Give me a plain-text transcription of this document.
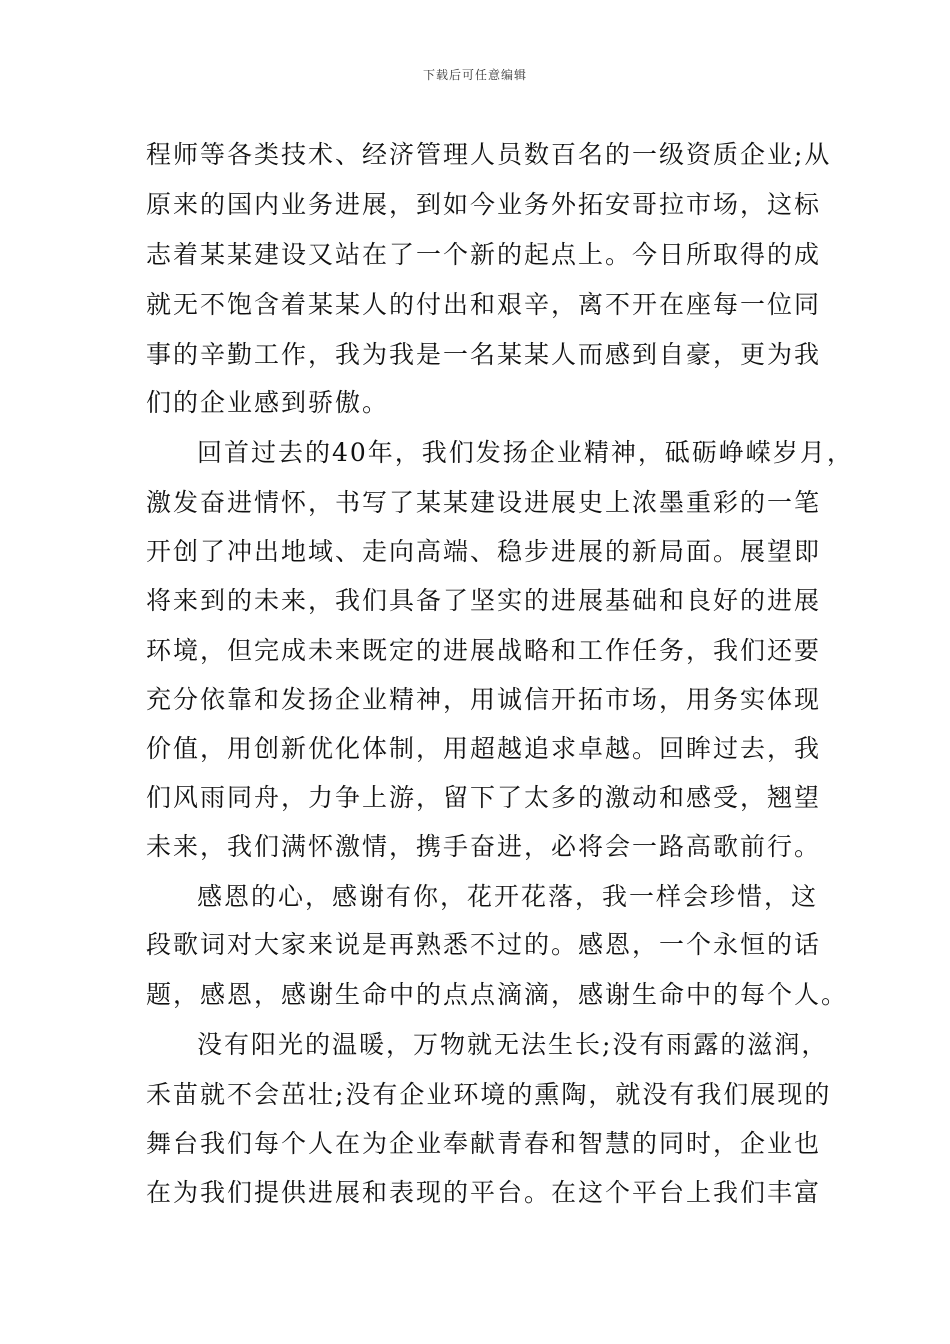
下载后可任意编辑
程师等各类技术、经济管理人员数百名的一级资质企业;从
原来的国内业务进展，到如今业务外拓安哥拉市场，这标
志着某某建设又站在了一个新的起点上。今日所取得的成
就无不饱含着某某人的付出和艰辛，离不开在座每一位同
事的辛勤工作，我为我是一名某某人而感到自豪，更为我
们的企业感到骄傲。
回首过去的40年，我们发扬企业精神，砥砺峥嵘岁月，
激发奋进情怀，书写了某某建设进展史上浓墨重彩的一笔
开创了冲出地域、走向高端、稳步进展的新局面。展望即
将来到的未来，我们具备了坚实的进展基础和良好的进展
环境，但完成未来既定的进展战略和工作任务，我们还要
充分依靠和发扬企业精神，用诚信开拓市场，用务实体现
价值，用创新优化体制，用超越追求卓越。回眸过去，我
们风雨同舟，力争上游，留下了太多的激动和感受，翘望
未来，我们满怀激情，携手奋进，必将会一路高歌前行。
感恩的心，感谢有你，花开花落，我一样会珍惜，这
段歌词对大家来说是再熟悉不过的。感恩，一个永恒的话
题，感恩，感谢生命中的点点滴滴，感谢生命中的每个人。
没有阳光的温暖，万物就无法生长;没有雨露的滋润，
禾苗就不会茁壮;没有企业环境的熏陶，就没有我们展现的
舞台我们每个人在为企业奉献青春和智慧的同时，企业也
在为我们提供进展和表现的平台。在这个平台上我们丰富
